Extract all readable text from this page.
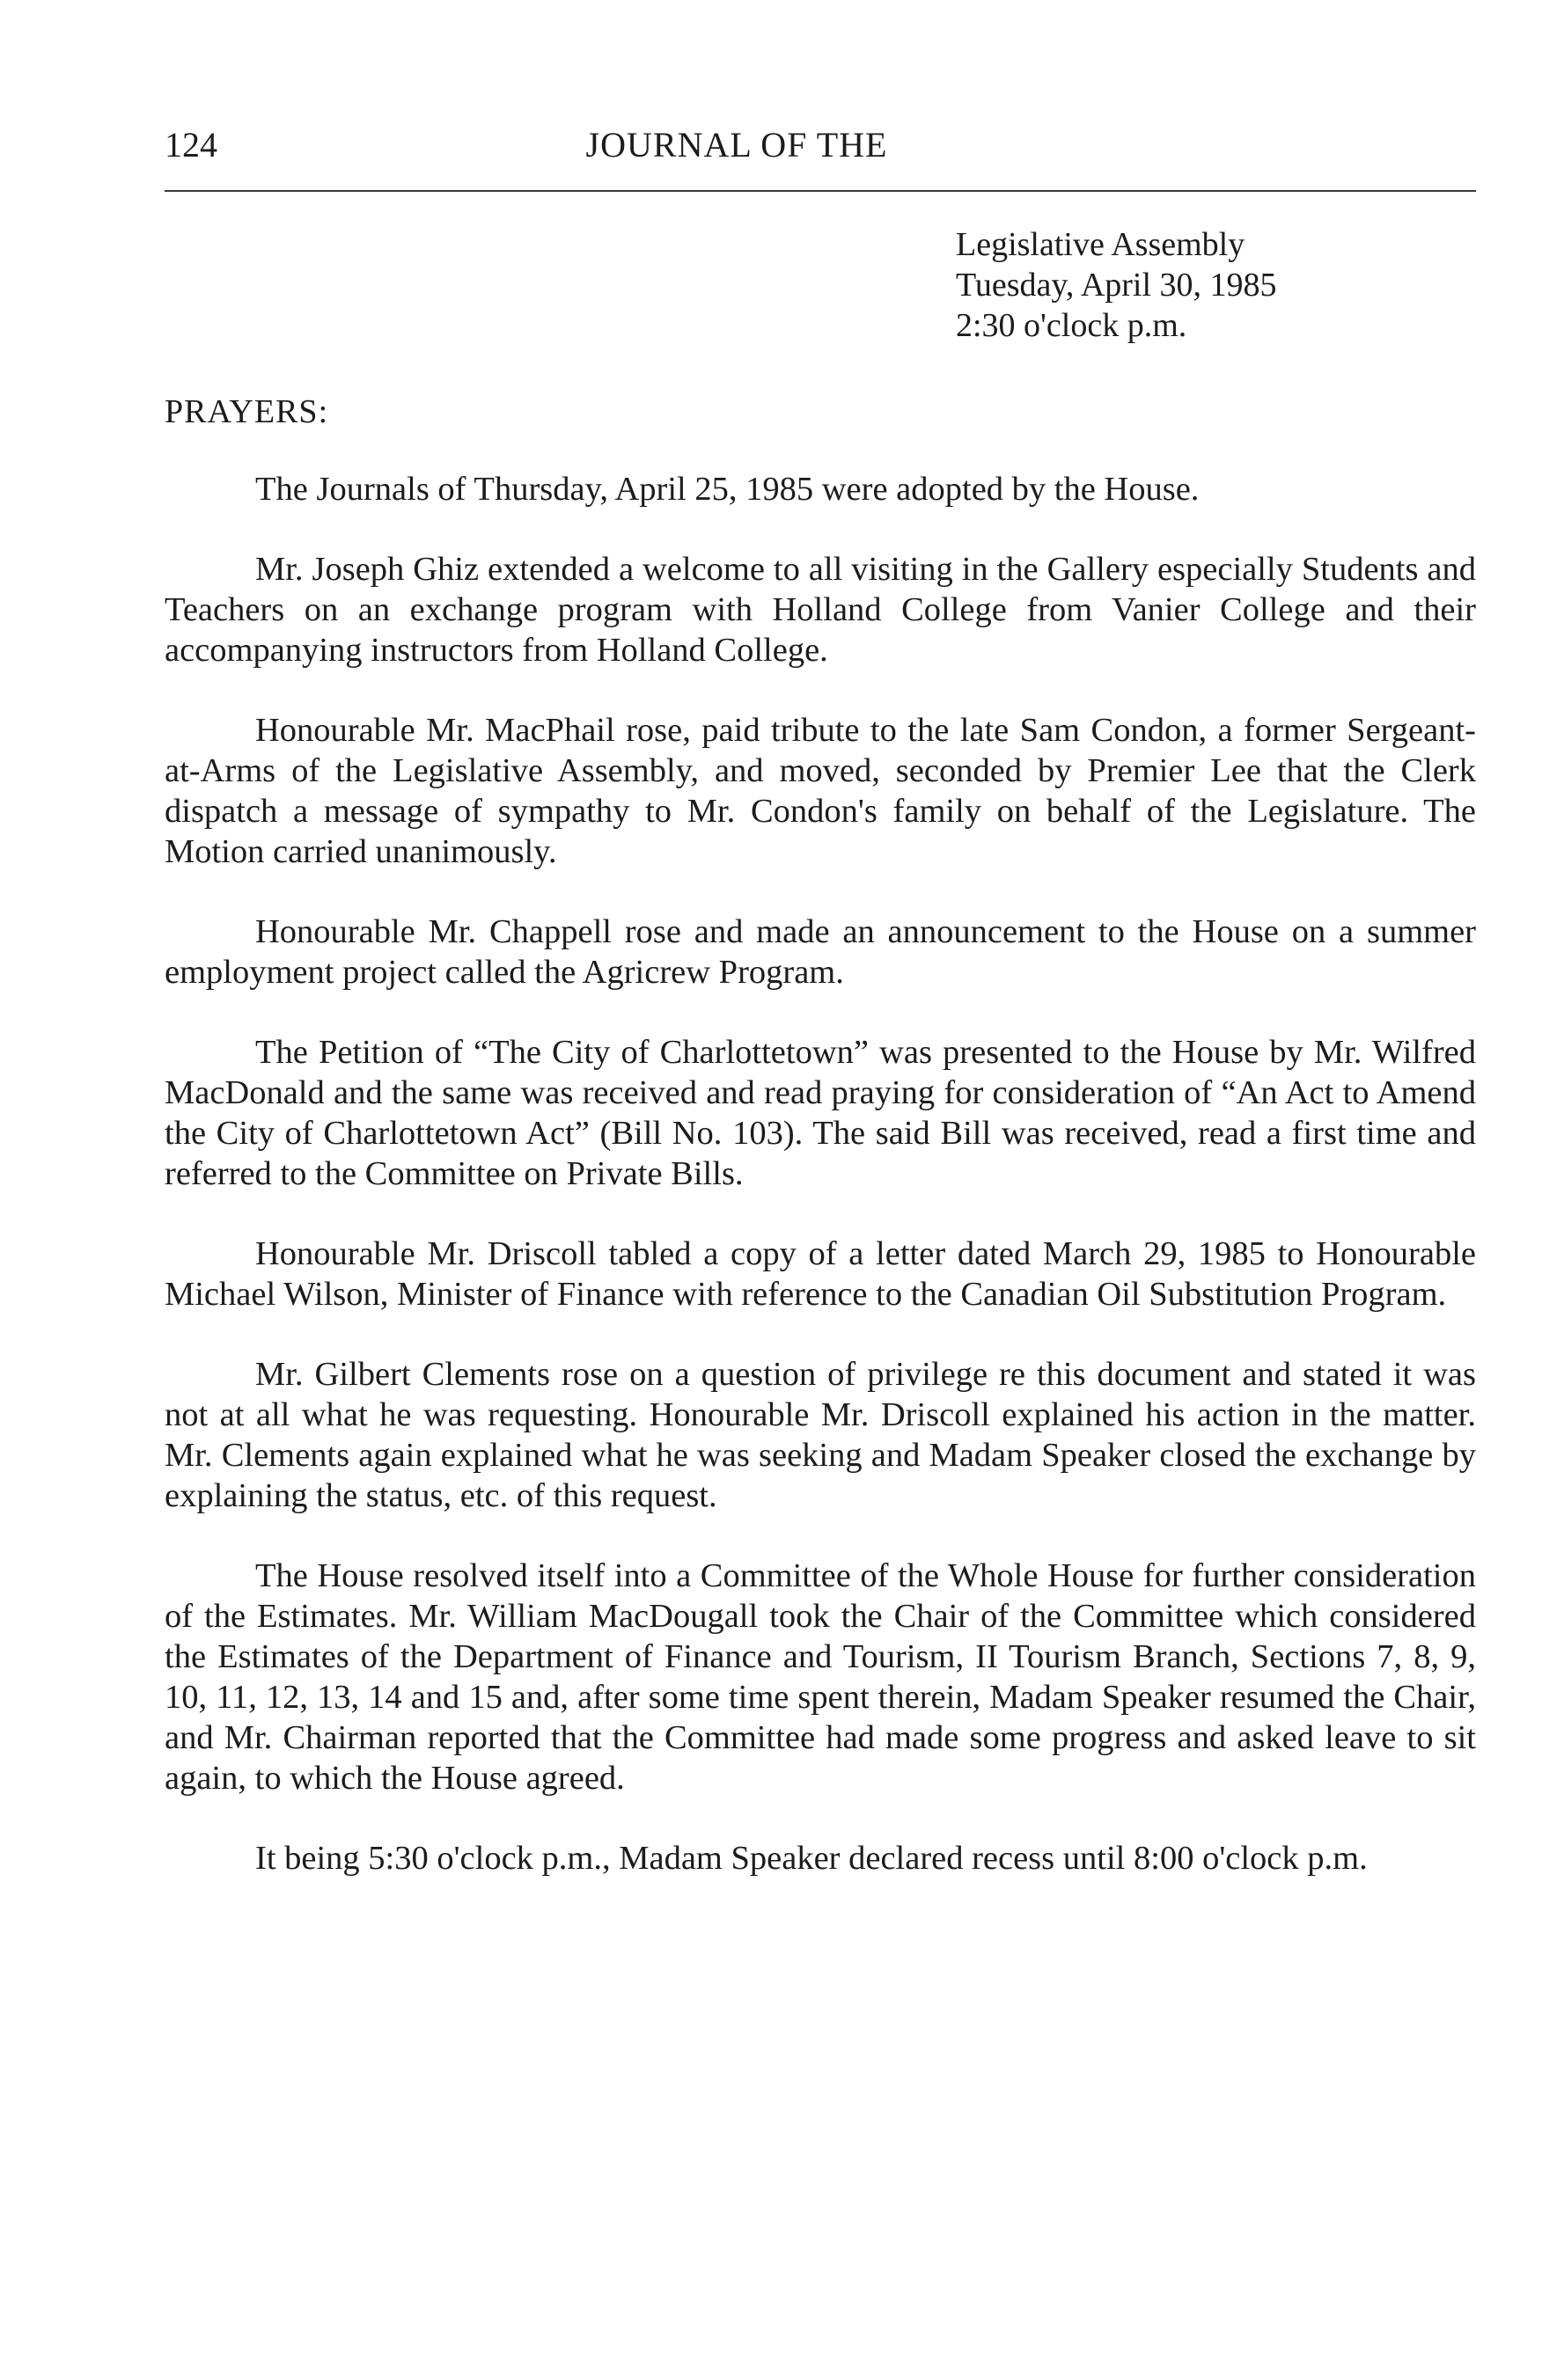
124	JOURNAL OF THE
Legislative Assembly
Tuesday, April 30, 1985
2:30 o'clock p.m.
PRAYERS:

The Journals of Thursday, April 25, 1985 were adopted by the House.

Mr. Joseph Ghiz extended a welcome to all visiting in the Gallery especially Students and Teachers on an exchange program with Holland College from Vanier College and their accompanying instructors from Holland College.

Honourable Mr. MacPhail rose, paid tribute to the late Sam Condon, a former Sergeant-at-Arms of the Legislative Assembly, and moved, seconded by Premier Lee that the Clerk dispatch a message of sympathy to Mr. Condon's family on behalf of the Legislature. The Motion carried unanimously.

Honourable Mr. Chappell rose and made an announcement to the House on a summer employment project called the Agricrew Program.

The Petition of “The City of Charlottetown” was presented to the House by Mr. Wilfred MacDonald and the same was received and read praying for consideration of “An Act to Amend the City of Charlottetown Act” (Bill No. 103). The said Bill was received, read a first time and referred to the Committee on Private Bills.

Honourable Mr. Driscoll tabled a copy of a letter dated March 29, 1985 to Honourable Michael Wilson, Minister of Finance with reference to the Canadian Oil Substitution Program.

Mr. Gilbert Clements rose on a question of privilege re this document and stated it was not at all what he was requesting. Honourable Mr. Driscoll explained his action in the matter. Mr. Clements again explained what he was seeking and Madam Speaker closed the exchange by explaining the status, etc. of this request.

The House resolved itself into a Committee of the Whole House for further consideration of the Estimates. Mr. William MacDougall took the Chair of the Committee which considered the Estimates of the Department of Finance and Tourism, II Tourism Branch, Sections 7, 8, 9, 10, 11, 12, 13, 14 and 15 and, after some time spent therein, Madam Speaker resumed the Chair, and Mr. Chairman reported that the Committee had made some progress and asked leave to sit again, to which the House agreed.

It being 5:30 o'clock p.m., Madam Speaker declared recess until 8:00 o'clock p.m.
